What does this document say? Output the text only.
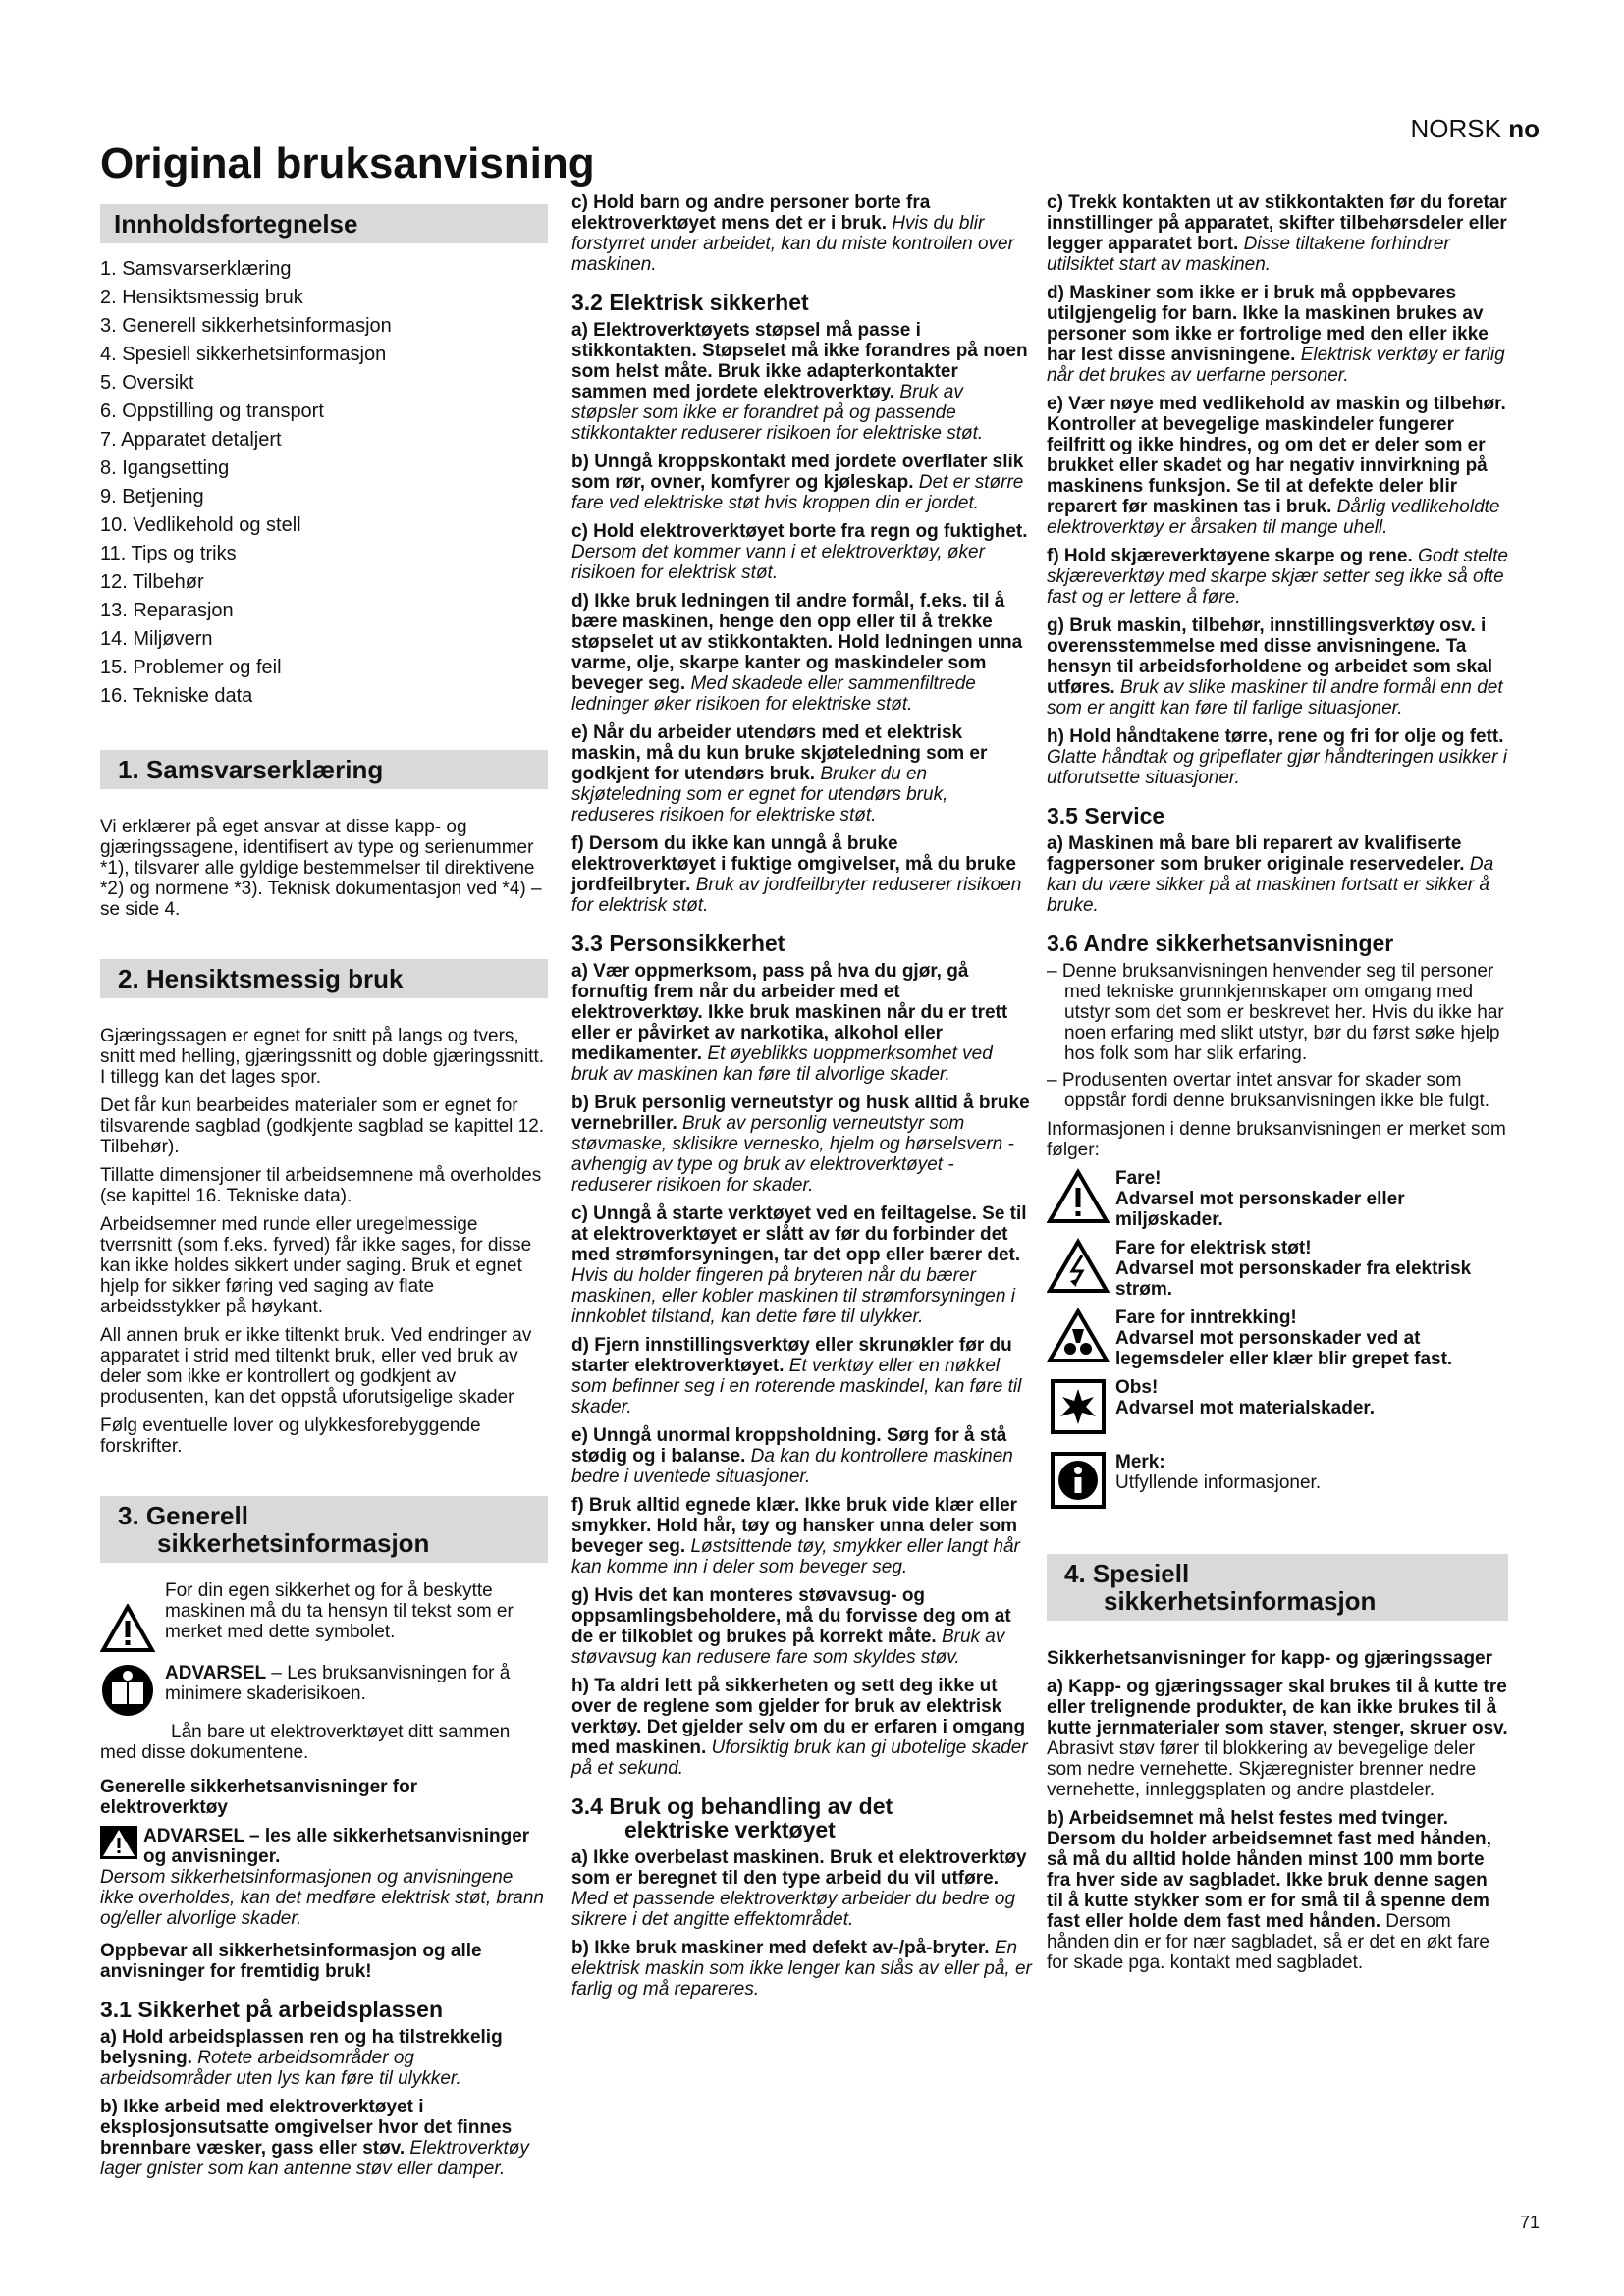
NORSK no
Original bruksanvisning
Innholdsfortegnelse
1. Samsvarserklæring
2. Hensiktsmessig bruk
3. Generell sikkerhetsinformasjon
4. Spesiell sikkerhetsinformasjon
5. Oversikt
6. Oppstilling og transport
7. Apparatet detaljert
8. Igangsetting
9. Betjening
10. Vedlikehold og stell
11. Tips og triks
12. Tilbehør
13. Reparasjon
14. Miljøvern
15. Problemer og feil
16. Tekniske data
1. Samsvarserklæring

Vi erklærer på eget ansvar at disse kapp- og gjæringssagene, identifisert av type og serienummer *1), tilsvarer alle gyldige bestemmelser til direktivene *2) og normene *3). Teknisk dokumentasjon ved *4) – se side 4.

2. Hensiktsmessig bruk

Gjæringssagen er egnet for snitt på langs og tvers, snitt med helling, gjæringssnitt og doble gjæringssnitt. I tillegg kan det lages spor.

Det får kun bearbeides materialer som er egnet for tilsvarende sagblad (godkjente sagblad se kapittel 12. Tilbehør).

Tillatte dimensjoner til arbeidsemnene må overholdes (se kapittel 16. Tekniske data).

Arbeidsemner med runde eller uregelmessige tverrsnitt (som f.eks. fyrved) får ikke sages, for disse kan ikke holdes sikkert under saging. Bruk et egnet hjelp for sikker føring ved saging av flate arbeidsstykker på høykant.

All annen bruk er ikke tiltenkt bruk. Ved endringer av apparatet i strid med tiltenkt bruk, eller ved bruk av deler som ikke er kontrollert og godkjent av produsenten, kan det oppstå uforutsigelige skader

Følg eventuelle lover og ulykkesforebyggende forskrifter.

3. Generell
sikkerhetsinformasjon
For din egen sikkerhet og for å beskytte maskinen må du ta hensyn til tekst som er merket med dette symbolet.
ADVARSEL – Les bruksanvisningen for å minimere skaderisikoen.

Lån bare ut elektroverktøyet ditt sammen med disse dokumentene.

Generelle sikkerhetsanvisninger for elektroverktøy

ADVARSEL – les alle sikkerhetsanvisninger og anvisninger.

Dersom sikkerhetsinformasjonen og anvisningene ikke overholdes, kan det medføre elektrisk støt, brann og/eller alvorlige skader.

Oppbevar all sikkerhetsinformasjon og alle anvisninger for fremtidig bruk!

3.1 Sikkerhet på arbeidsplassen

a) Hold arbeidsplassen ren og ha tilstrekkelig belysning. Rotete arbeidsområder og arbeidsområder uten lys kan føre til ulykker.

b) Ikke arbeid med elektroverktøyet i eksplosjonsutsatte omgivelser hvor det finnes brennbare væsker, gass eller støv. Elektroverktøy lager gnister som kan antenne støv eller damper.

c) Hold barn og andre personer borte fra elektroverktøyet mens det er i bruk. Hvis du blir forstyrret under arbeidet, kan du miste kontrollen over maskinen.

3.2 Elektrisk sikkerhet

a) Elektroverktøyets støpsel må passe i stikkontakten. Støpselet må ikke forandres på noen som helst måte. Bruk ikke adapterkontakter sammen med jordete elektroverktøy. Bruk av støpsler som ikke er forandret på og passende stikkontakter reduserer risikoen for elektriske støt.

b) Unngå kroppskontakt med jordete overflater slik som rør, ovner, komfyrer og kjøleskap. Det er større fare ved elektriske støt hvis kroppen din er jordet.

c) Hold elektroverktøyet borte fra regn og fuktighet. Dersom det kommer vann i et elektroverktøy, øker risikoen for elektrisk støt.

d) Ikke bruk ledningen til andre formål, f.eks. til å bære maskinen, henge den opp eller til å trekke støpselet ut av stikkontakten. Hold ledningen unna varme, olje, skarpe kanter og maskindeler som beveger seg. Med skadede eller sammenfiltrede ledninger øker risikoen for elektriske støt.

e) Når du arbeider utendørs med et elektrisk maskin, må du kun bruke skjøteledning som er godkjent for utendørs bruk. Bruker du en skjøteledning som er egnet for utendørs bruk, reduseres risikoen for elektriske støt.

f) Dersom du ikke kan unngå å bruke elektroverktøyet i fuktige omgivelser, må du bruke jordfeilbryter. Bruk av jordfeilbryter reduserer risikoen for elektrisk støt.

3.3 Personsikkerhet

a) Vær oppmerksom, pass på hva du gjør, gå fornuftig frem når du arbeider med et elektroverktøy. Ikke bruk maskinen når du er trett eller er påvirket av narkotika, alkohol eller medikamenter. Et øyeblikks uoppmerksomhet ved bruk av maskinen kan føre til alvorlige skader.

b) Bruk personlig verneutstyr og husk alltid å bruke vernebriller. Bruk av personlig verneutstyr som støvmaske, sklisikre vernesko, hjelm og hørselsvern - avhengig av type og bruk av elektroverktøyet - reduserer risikoen for skader.

c) Unngå å starte verktøyet ved en feiltagelse. Se til at elektroverktøyet er slått av før du forbinder det med strømforsyningen, tar det opp eller bærer det. Hvis du holder fingeren på bryteren når du bærer maskinen, eller kobler maskinen til strømforsyningen i innkoblet tilstand, kan dette føre til ulykker.

d) Fjern innstillingsverktøy eller skrunøkler før du starter elektroverktøyet. Et verktøy eller en nøkkel som befinner seg i en roterende maskindel, kan føre til skader.

e) Unngå unormal kroppsholdning. Sørg for å stå stødig og i balanse. Da kan du kontrollere maskinen bedre i uventede situasjoner.

f) Bruk alltid egnede klær. Ikke bruk vide klær eller smykker. Hold hår, tøy og hansker unna deler som beveger seg. Løstsittende tøy, smykker eller langt hår kan komme inn i deler som beveger seg.

g) Hvis det kan monteres støvavsug- og oppsamlingsbeholdere, må du forvisse deg om at de er tilkoblet og brukes på korrekt måte. Bruk av støvavsug kan redusere fare som skyldes støv.

h) Ta aldri lett på sikkerheten og sett deg ikke ut over de reglene som gjelder for bruk av elektrisk verktøy. Det gjelder selv om du er erfaren i omgang med maskinen. Uforsiktig bruk kan gi ubotelige skader på et sekund.

3.4 Bruk og behandling av det
elektriske verktøyet

a) Ikke overbelast maskinen. Bruk et elektroverktøy som er beregnet til den type arbeid du vil utføre. Med et passende elektroverktøy arbeider du bedre og sikrere i det angitte effektområdet.

b) Ikke bruk maskiner med defekt av-/på-bryter. En elektrisk maskin som ikke lenger kan slås av eller på, er farlig og må repareres.

c) Trekk kontakten ut av stikkontakten før du foretar innstillinger på apparatet, skifter tilbehørsdeler eller legger apparatet bort. Disse tiltakene forhindrer utilsiktet start av maskinen.

d) Maskiner som ikke er i bruk må oppbevares utilgjengelig for barn. Ikke la maskinen brukes av personer som ikke er fortrolige med den eller ikke har lest disse anvisningene. Elektrisk verktøy er farlig når det brukes av uerfarne personer.

e) Vær nøye med vedlikehold av maskin og tilbehør. Kontroller at bevegelige maskindeler fungerer feilfritt og ikke hindres, og om det er deler som er brukket eller skadet og har negativ innvirkning på maskinens funksjon. Se til at defekte deler blir reparert før maskinen tas i bruk. Dårlig vedlikeholdte elektroverktøy er årsaken til mange uhell.

f) Hold skjæreverktøyene skarpe og rene. Godt stelte skjæreverktøy med skarpe skjær setter seg ikke så ofte fast og er lettere å føre.

g) Bruk maskin, tilbehør, innstillingsverktøy osv. i overensstemmelse med disse anvisningene. Ta hensyn til arbeidsforholdene og arbeidet som skal utføres. Bruk av slike maskiner til andre formål enn det som er angitt kan føre til farlige situasjoner.

h) Hold håndtakene tørre, rene og fri for olje og fett. Glatte håndtak og gripeflater gjør håndteringen usikker i utforutsette situasjoner.

3.5 Service

a) Maskinen må bare bli reparert av kvalifiserte fagpersoner som bruker originale reservedeler. Da kan du være sikker på at maskinen fortsatt er sikker å bruke.

3.6 Andre sikkerhetsanvisninger
– Denne bruksanvisningen henvender seg til personer med tekniske grunnkjennskaper om omgang med utstyr som det som er beskrevet her. Hvis du ikke har noen erfaring med slikt utstyr, bør du først søke hjelp hos folk som har slik erfaring.
– Produsenten overtar intet ansvar for skader som oppstår fordi denne bruksanvisningen ikke ble fulgt.

Informasjonen i denne bruksanvisningen er merket som følger:

Fare!
Advarsel mot personskader eller miljøskader.
Fare for elektrisk støt!
Advarsel mot personskader fra elektrisk strøm.
Fare for inntrekking!
Advarsel mot personskader ved at legemsdeler eller klær blir grepet fast.
Obs!
Advarsel mot materialskader.
Merk:
Utfyllende informasjoner.
4. Spesiell
sikkerhetsinformasjon

Sikkerhetsanvisninger for kapp- og gjæringssager

a) Kapp- og gjæringssager skal brukes til å kutte tre eller trelignende produkter, de kan ikke brukes til å kutte jernmaterialer som staver, stenger, skruer osv. Abrasivt støv fører til blokkering av bevegelige deler som nedre vernehette. Skjæregnister brenner nedre vernehette, innleggsplaten og andre plastdeler.

b) Arbeidsemnet må helst festes med tvinger. Dersom du holder arbeidsemnet fast med hånden, så må du alltid holde hånden minst 100 mm borte fra hver side av sagbladet. Ikke bruk denne sagen til å kutte stykker som er for små til å spenne dem fast eller holde dem fast med hånden. Dersom hånden din er for nær sagbladet, så er det en økt fare for skade pga. kontakt med sagbladet.

71
